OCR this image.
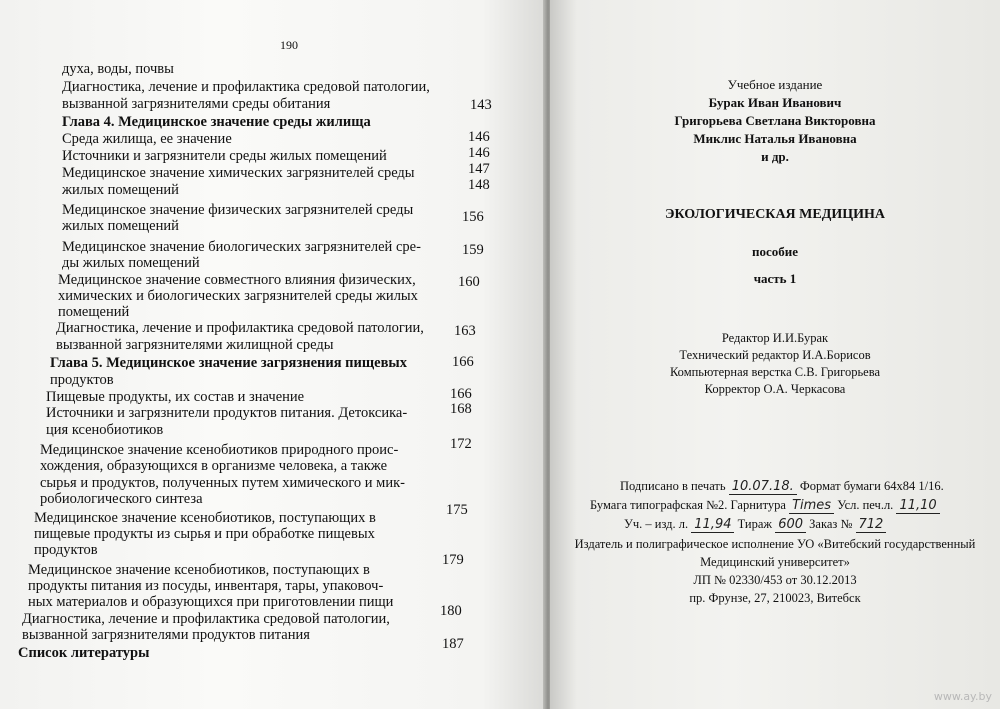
190
духа, воды, почвы
Диагностика, лечение и профилактика средовой патологии,
вызванной загрязнителями среды обитания
Глава 4. Медицинское значение среды жилища
Среда жилища, ее значение
Источники и загрязнители среды жилых помещений
Медицинское значение химических загрязнителей среды
жилых помещений
Медицинское значение физических загрязнителей среды
жилых помещений
Медицинское значение биологических загрязнителей сре-
ды жилых помещений
Медицинское значение совместного влияния физических,
химических и биологических загрязнителей среды жилых
помещений
Диагностика, лечение и профилактика средовой патологии,
вызванной загрязнителями жилищной среды
Глава 5. Медицинское значение загрязнения пищевых
продуктов
Пищевые продукты, их состав и значение
Источники и загрязнители продуктов питания. Детоксика-
ция ксенобиотиков
Медицинское значение ксенобиотиков природного проис-
хождения, образующихся в организме человека, а также
сырья и продуктов, полученных путем химического и мик-
робиологического синтеза
Медицинское значение ксенобиотиков, поступающих в
пищевые продукты из сырья и при обработке пищевых
продуктов
Медицинское значение ксенобиотиков, поступающих в
продукты питания из посуды, инвентаря, тары, упаковоч-
ных материалов и образующихся при приготовлении пищи
Диагностика, лечение и профилактика средовой патологии,
вызванной загрязнителями продуктов питания
Список литературы
143
146
146
147
148
156
159
160
163
166
166
168
172
175
179
180
187
Учебное издание
Бурак Иван Иванович
Григорьева Светлана Викторовна
Миклис Наталья Ивановна
и др.
ЭКОЛОГИЧЕСКАЯ МЕДИЦИНА
пособие
часть 1
Редактор И.И.Бурак
Технический редактор И.А.Борисов
Компьютерная верстка С.В. Григорьева
Корректор О.А. Черкасова
Подписано в печать 10.07.18. Формат бумаги 64х84 1/16.
Бумага типографская №2. Гарнитура Times Усл. печ.л. 11,10
Уч. – изд. л. 11,94 Тираж 600 Заказ № 712
Издатель и полиграфическое исполнение УО «Витебский государственный
Медицинский университет»
ЛП № 02330/453 от 30.12.2013
пр. Фрунзе, 27, 210023, Витебск
www.ay.by
